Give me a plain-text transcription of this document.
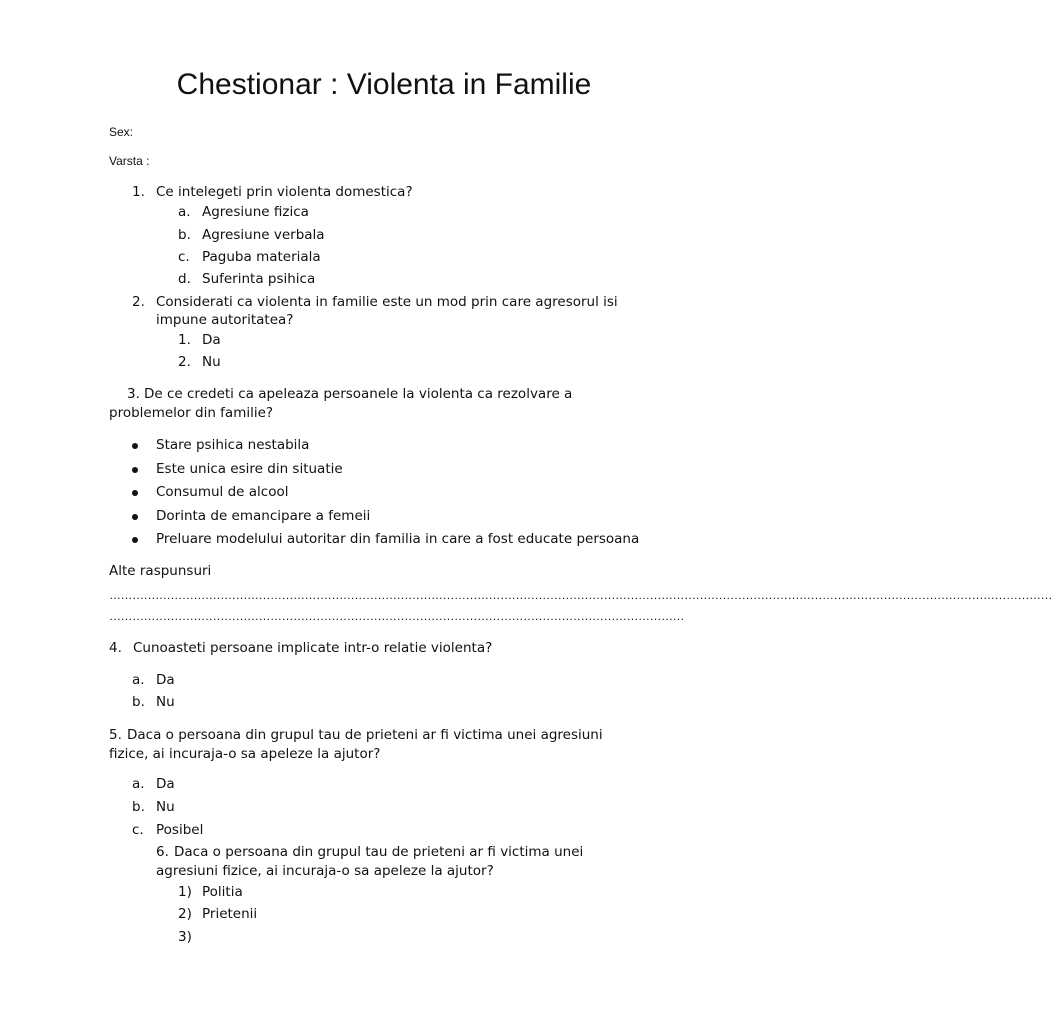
Chestionar : Violenta in Familie
Sex:
Varsta :
1. Ce intelegeti prin violenta domestica?
a. Agresiune fizica
b. Agresiune verbala
c. Paguba materiala
d. Suferinta psihica
2. Considerati ca violenta in familie este un mod prin care agresorul isi
impune autoritatea?
1. Da
2. Nu
3. De ce credeti ca apeleaza persoanele la violenta ca rezolvare a
problemelor din familie?
Stare psihica nestabila
Este unica esire din situatie
Consumul de alcool
Dorinta de emancipare a femeii
Preluare modelului autoritar din familia in care a fost educate persoana
Alte raspunsuri
…………………………………………………………………………………………………………………………………………………………………………………………………………………………
……………………………………………………………………………………………………………………………………
4. Cunoasteti persoane implicate intr-o relatie violenta?
a. Da
b. Nu
5. Daca o persoana din grupul tau de prieteni ar fi victima unei agresiuni
fizice, ai incuraja-o sa apeleze la ajutor?
a. Da
b. Nu
c. Posibel
6. Daca o persoana din grupul tau de prieteni ar fi victima unei
agresiuni fizice, ai incuraja-o sa apeleze la ajutor?
1) Politia
2) Prietenii
3)
